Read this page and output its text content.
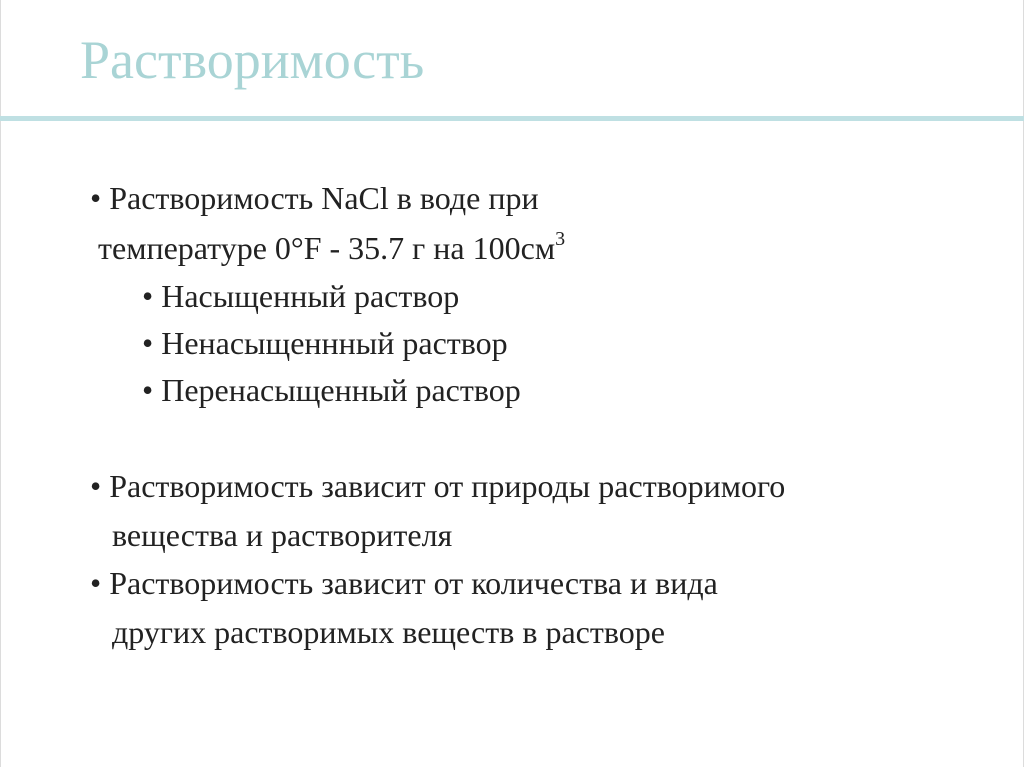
Растворимость
• Растворимость NaCl в воде при
температуре 0°F - 35.7 г на $100см^3$
• Насыщенный раствор
• Ненасыщеннный раствор
• Перенасыщенный раствор
• Растворимость зависит от природы растворимого
вещества и растворителя
• Растворимость зависит от количества и вида
других растворимых веществ в растворе
